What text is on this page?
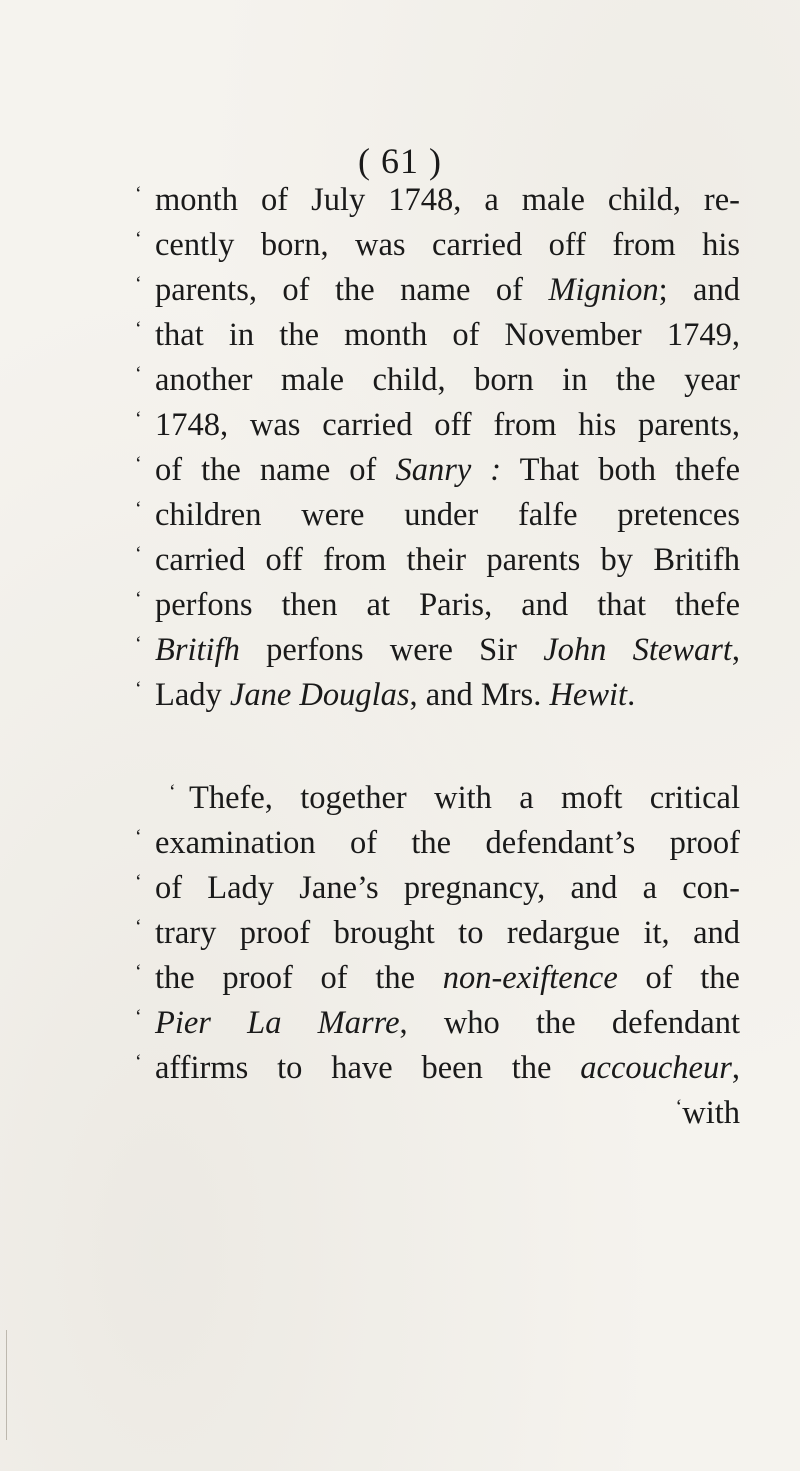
( 61 )
‘ month of July 1748, a male child, re-
‘ cently born, was carried off from his
‘ parents, of the name of Mignion; and
‘ that in the month of November 1749,
‘ another male child, born in the year
‘ 1748, was carried off from his parents,
‘ of the name of Sanry : That both thefe
‘ children were under falfe pretences
‘ carried off from their parents by Britifh
‘ perfons then at Paris, and that thefe
‘ Britifh perfons were Sir John Stewart,
‘ Lady Jane Douglas, and Mrs. Hewit.
‘ Thefe, together with a moft critical
‘ examination of the defendant’s proof
‘ of Lady Jane’s pregnancy, and a con-
‘ trary proof brought to redargue it, and
‘ the proof of the non-exiftence of the
‘ Pier La Marre, who the defendant
‘ affirms to have been the accoucheur,
‘with
